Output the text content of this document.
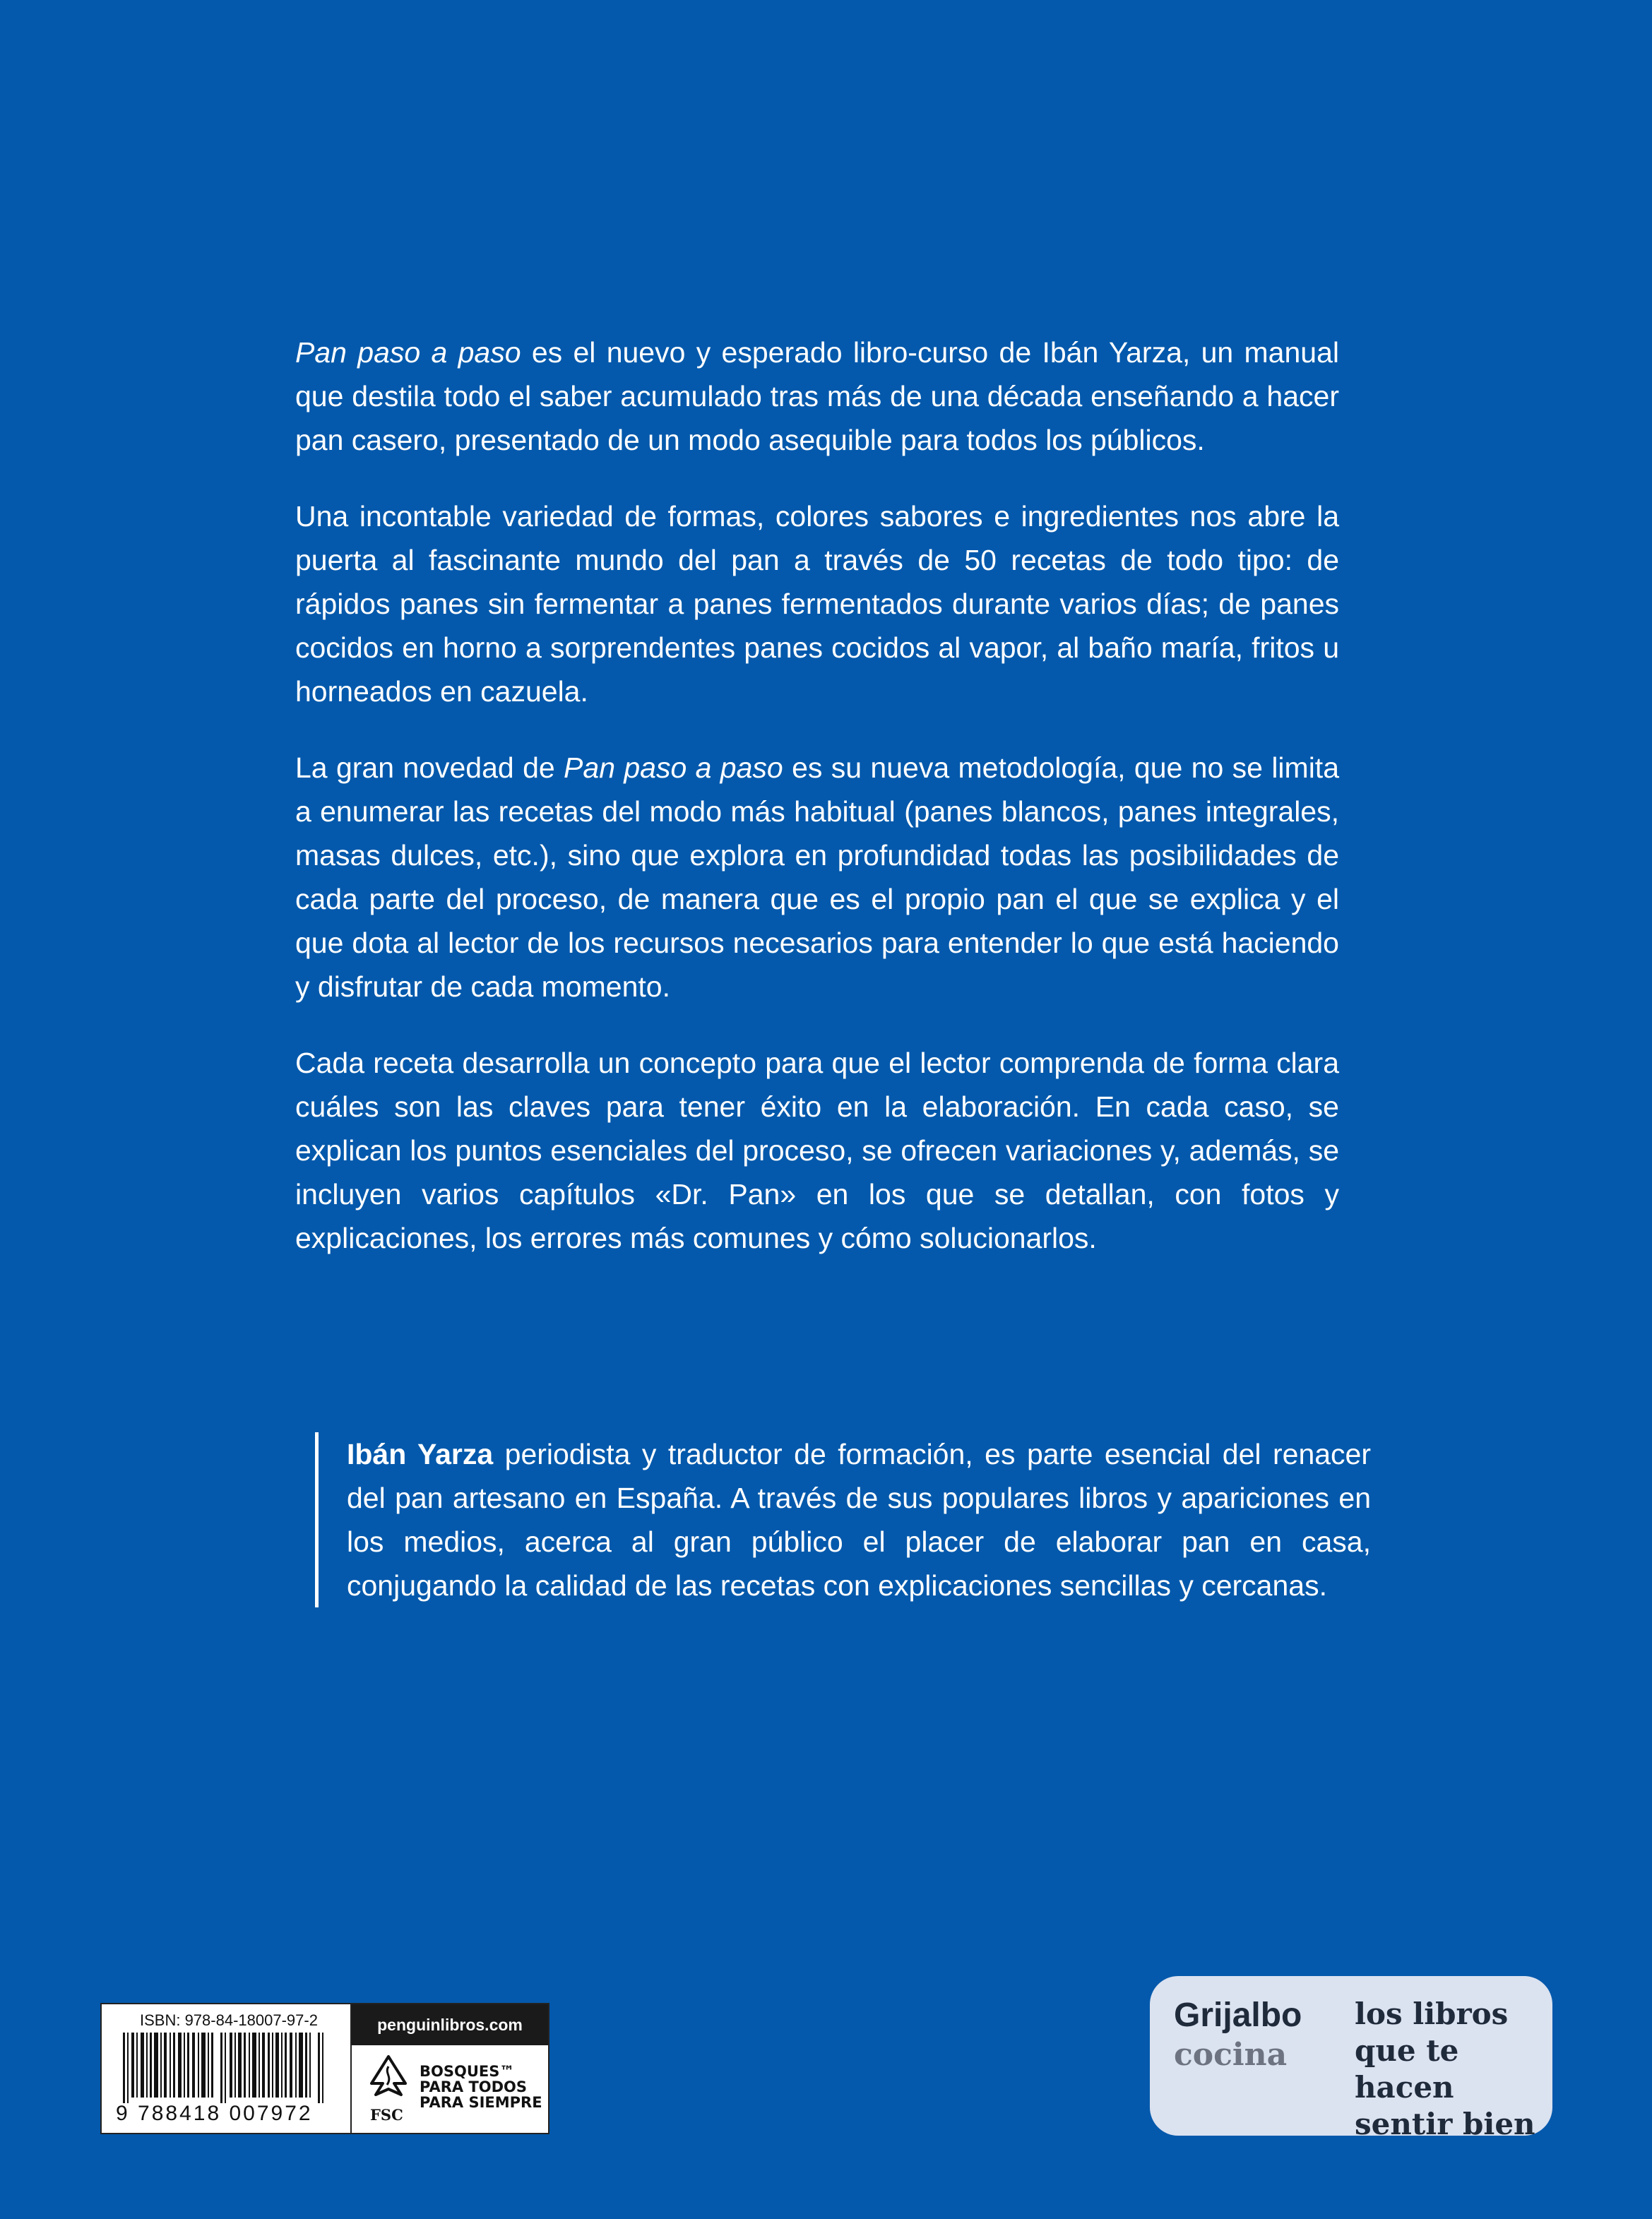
Pan paso a paso es el nuevo y esperado libro-curso de Ibán Yarza, un manual que destila todo el saber acumulado tras más de una década enseñando a hacer pan casero, presentado de un modo asequible para todos los públicos.

Una incontable variedad de formas, colores sabores e ingredientes nos abre la puerta al fascinante mundo del pan a través de 50 recetas de todo tipo: de rápidos panes sin fermentar a panes fermentados durante varios días; de panes cocidos en horno a sorprendentes panes cocidos al vapor, al baño maría, fritos u horneados en cazuela.

La gran novedad de Pan paso a paso es su nueva metodología, que no se limita a enumerar las recetas del modo más habitual (panes blancos, panes integrales, masas dulces, etc.), sino que explora en profundidad todas las posibilidades de cada parte del proceso, de manera que es el propio pan el que se explica y el que dota al lector de los recursos necesarios para entender lo que está haciendo y disfrutar de cada momento.

Cada receta desarrolla un concepto para que el lector comprenda de forma clara cuáles son las claves para tener éxito en la elaboración. En cada caso, se explican los puntos esenciales del proceso, se ofrecen variaciones y, además, se incluyen varios capítulos «Dr. Pan» en los que se detallan, con fotos y explicaciones, los errores más comunes y cómo solucionarlos.

Ibán Yarza periodista y traductor de formación, es parte esencial del renacer del pan artesano en España. A través de sus populares libros y apariciones en los medios, acerca al gran público el placer de elaborar pan en casa, conjugando la calidad de las recetas con explicaciones sencillas y cercanas.

ISBN: 978-84-18007-97-2
9 788418 007972
penguinlibros.com
FSC
BOSQUES™
PARA TODOS
PARA SIEMPRE
Grijalbo
cocina
los libros
que te hacen
sentir bien
